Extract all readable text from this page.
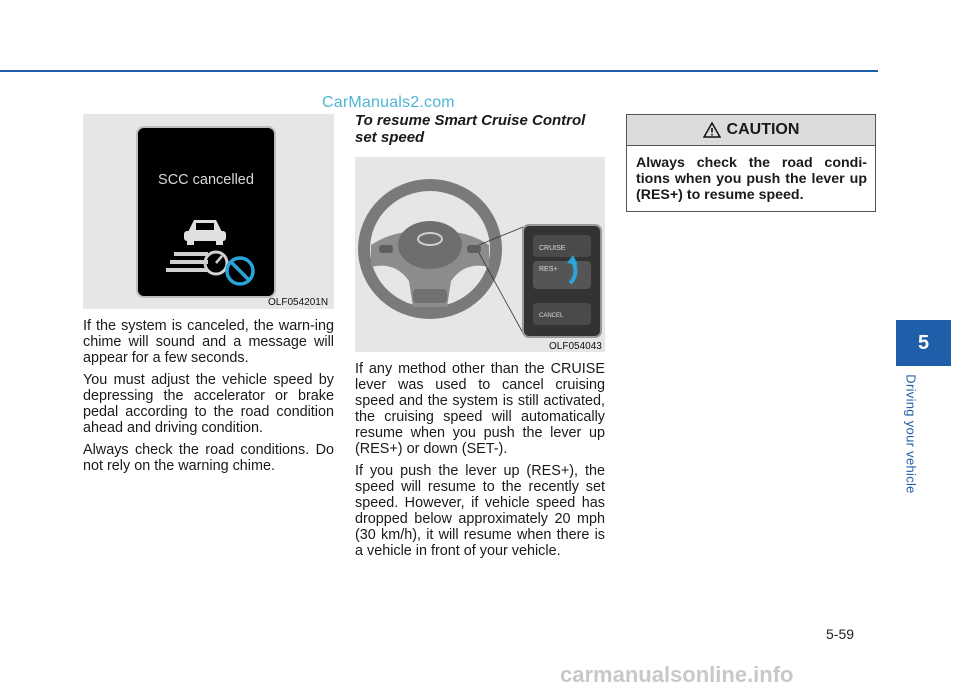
CarManuals2.com
SCC cancelled
OLF054201N

If the system is canceled, the warn-ing chime will sound and a message will appear for a few seconds.

You must adjust the vehicle speed by depressing the accelerator or brake pedal according to the road condition ahead and driving condition.

Always check the road conditions. Do not rely on the warning chime.

To resume Smart Cruise Control set speed
CRUISE
RES+
CANCEL
OLF054043

If any method other than the CRUISE lever was used to cancel cruising speed and the system is still activated, the cruising speed will automatically resume when you push the lever up (RES+) or down (SET-).

If you push the lever up (RES+), the speed will resume to the recently set speed. However, if vehicle speed has dropped below approximately 20 mph (30 km/h), it will resume when there is a vehicle in front of your vehicle.

CAUTION
Always check the road condi-tions when you push the lever up (RES+) to resume speed.
5
Driving your vehicle
5-59
carmanualsonline.info
